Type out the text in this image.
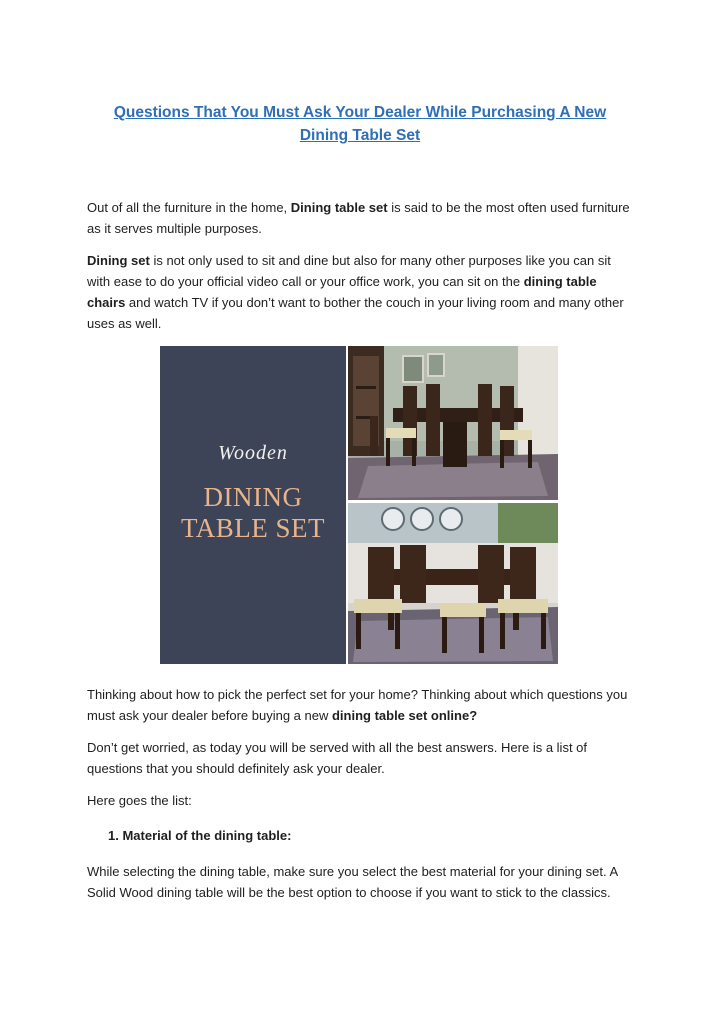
Questions That You Must Ask Your Dealer While Purchasing A New Dining Table Set

Out of all the furniture in the home, Dining table set is said to be the most often used furniture as it serves multiple purposes.

Dining set is not only used to sit and dine but also for many other purposes like you can sit with ease to do your official video call or your office work, you can sit on the dining table chairs and watch TV if you don’t want to bother the couch in your living room and many other uses as well.

Wooden
DINING
TABLE SET

Thinking about how to pick the perfect set for your home? Thinking about which questions you must ask your dealer before buying a new dining table set online?

Don’t get worried, as today you will be served with all the best answers. Here is a list of questions that you should definitely ask your dealer.

Here goes the list:

1. Material of the dining table:

While selecting the dining table, make sure you select the best material for your dining set. A Solid Wood dining table will be the best option to choose if you want to stick to the classics.
